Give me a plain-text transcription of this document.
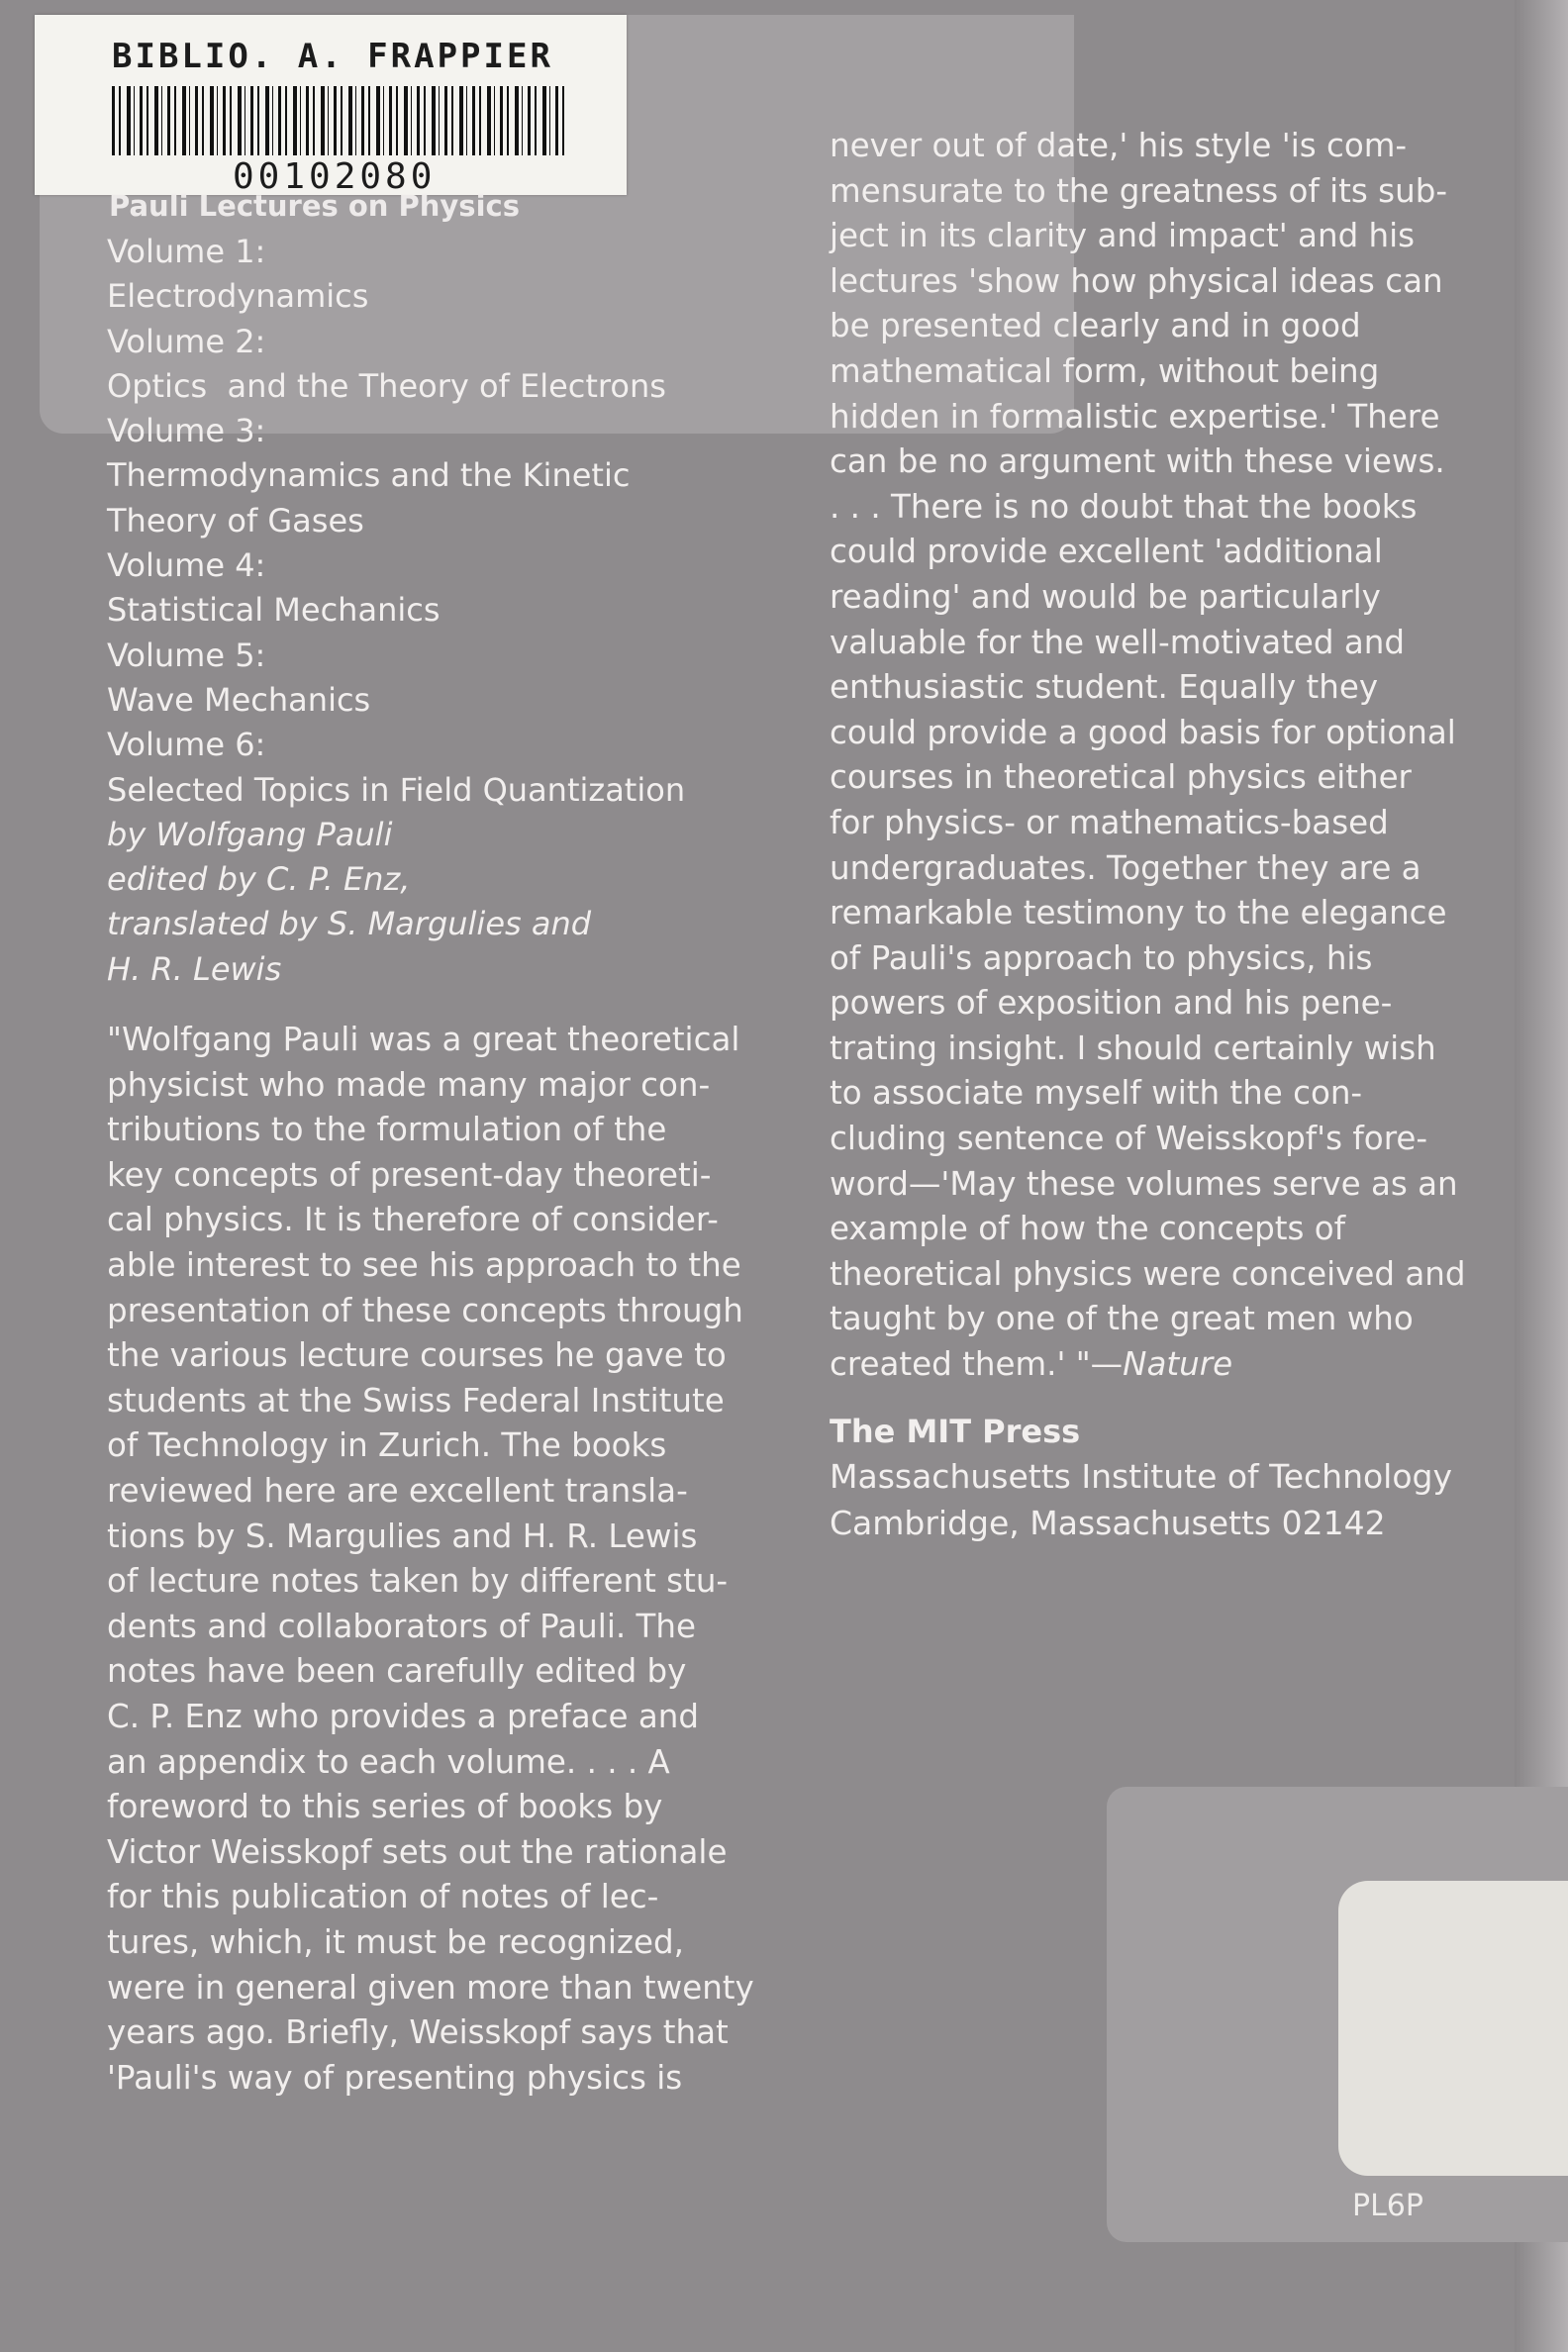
BIBLIO. A. FRAPPIER
00102080
PL6P
Pauli Lectures on Physics
Volume 1:
Electrodynamics
Volume 2:
Optics  and the Theory of Electrons
Volume 3:
Thermodynamics and the Kinetic
Theory of Gases
Volume 4:
Statistical Mechanics
Volume 5:
Wave Mechanics
Volume 6:
Selected Topics in Field Quantization
by Wolfgang Pauli
edited by C. P. Enz,
translated by S. Margulies and
H. R. Lewis
"Wolfgang Pauli was a great theoretical
physicist who made many major con-
tributions to the formulation of the
key concepts of present-day theoreti-
cal physics. It is therefore of consider-
able interest to see his approach to the
presentation of these concepts through
the various lecture courses he gave to
students at the Swiss Federal Institute
of Technology in Zurich. The books
reviewed here are excellent transla-
tions by S. Margulies and H. R. Lewis
of lecture notes taken by different stu-
dents and collaborators of Pauli. The
notes have been carefully edited by
C. P. Enz who provides a preface and
an appendix to each volume. . . . A
foreword to this series of books by
Victor Weisskopf sets out the rationale
for this publication of notes of lec-
tures, which, it must be recognized,
were in general given more than twenty
years ago. Briefly, Weisskopf says that
'Pauli's way of presenting physics is
never out of date,' his style 'is com-
mensurate to the greatness of its sub-
ject in its clarity and impact' and his
lectures 'show how physical ideas can
be presented clearly and in good
mathematical form, without being
hidden in formalistic expertise.' There
can be no argument with these views.
. . . There is no doubt that the books
could provide excellent 'additional
reading' and would be particularly
valuable for the well-motivated and
enthusiastic student. Equally they
could provide a good basis for optional
courses in theoretical physics either
for physics- or mathematics-based
undergraduates. Together they are a
remarkable testimony to the elegance
of Pauli's approach to physics, his
powers of exposition and his pene-
trating insight. I should certainly wish
to associate myself with the con-
cluding sentence of Weisskopf's fore-
word—'May these volumes serve as an
example of how the concepts of
theoretical physics were conceived and
taught by one of the great men who
created them.' "—Nature
The MIT Press
Massachusetts Institute of Technology
Cambridge, Massachusetts 02142
